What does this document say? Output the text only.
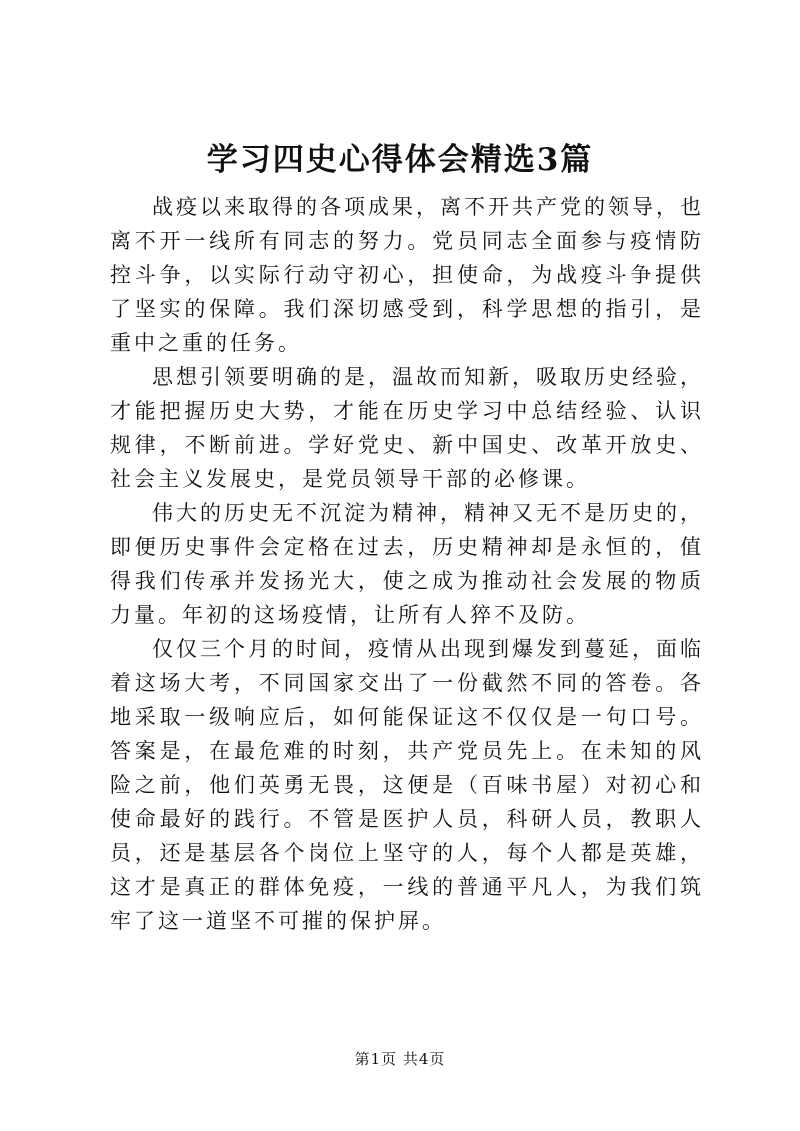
学习四史心得体会精选3篇

战疫以来取得的各项成果，离不开共产党的领导，也离不开一线所有同志的努力。党员同志全面参与疫情防控斗争，以实际行动守初心，担使命，为战疫斗争提供了坚实的保障。我们深切感受到，科学思想的指引，是重中之重的任务。

思想引领要明确的是，温故而知新，吸取历史经验，才能把握历史大势，才能在历史学习中总结经验、认识规律，不断前进。学好党史、新中国史、改革开放史、社会主义发展史，是党员领导干部的必修课。

伟大的历史无不沉淀为精神，精神又无不是历史的，即便历史事件会定格在过去，历史精神却是永恒的，值得我们传承并发扬光大，使之成为推动社会发展的物质力量。年初的这场疫情，让所有人猝不及防。

仅仅三个月的时间，疫情从出现到爆发到蔓延，面临着这场大考，不同国家交出了一份截然不同的答卷。各地采取一级响应后，如何能保证这不仅仅是一句口号。答案是，在最危难的时刻，共产党员先上。在未知的风险之前，他们英勇无畏，这便是（百味书屋）对初心和使命最好的践行。不管是医护人员，科研人员，教职人员，还是基层各个岗位上坚守的人，每个人都是英雄，这才是真正的群体免疫，一线的普通平凡人，为我们筑牢了这一道坚不可摧的保护屏。

第1页 共4页
